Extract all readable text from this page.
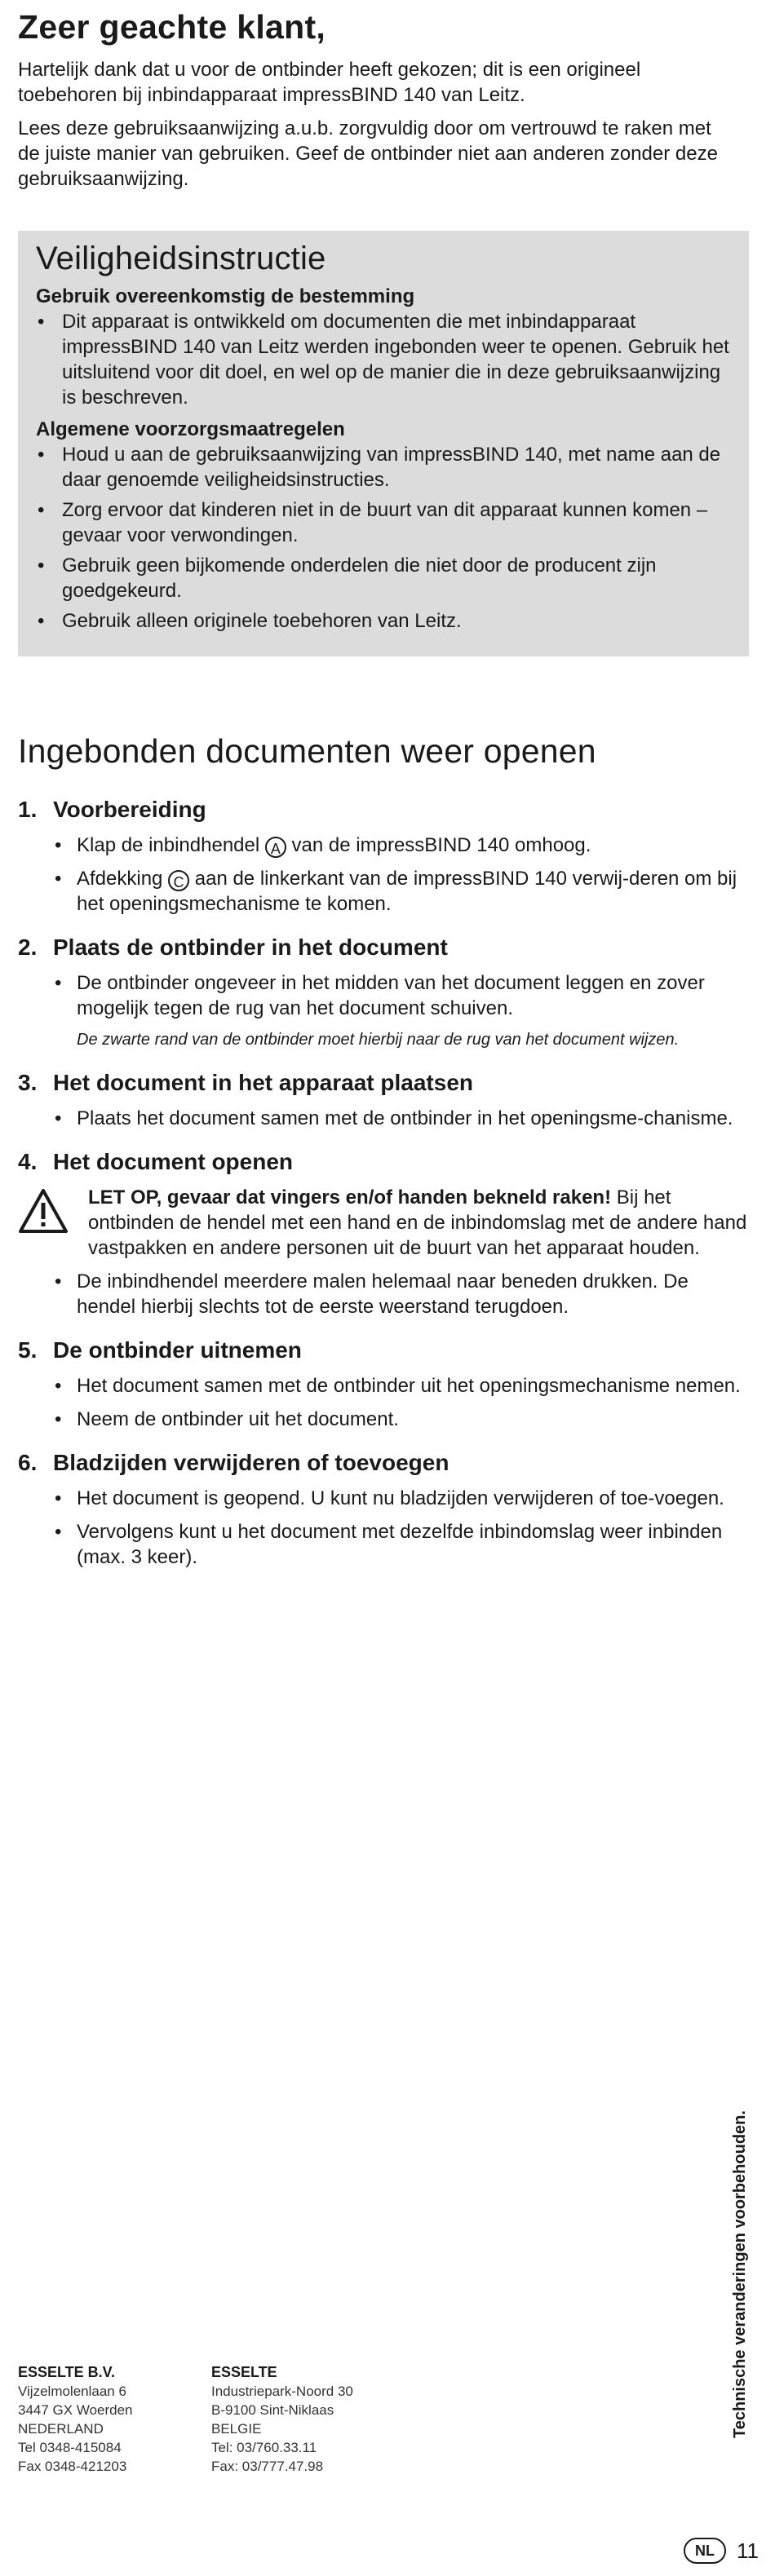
Zeer geachte klant,

Hartelijk dank dat u voor de ontbinder heeft gekozen; dit is een origineel toebehoren bij inbindapparaat impressBIND 140 van Leitz.

Lees deze gebruiksaanwijzing a.u.b. zorgvuldig door om vertrouwd te raken met de juiste manier van gebruiken. Geef de ontbinder niet aan anderen zonder deze gebruiksaanwijzing.

Veiligheidsinstructie
Gebruik overeenkomstig de bestemming
• Dit apparaat is ontwikkeld om documenten die met inbindapparaat impressBIND 140 van Leitz werden ingebonden weer te openen. Gebruik het uitsluitend voor dit doel, en wel op de manier die in deze gebruiksaanwijzing is beschreven.
Algemene voorzorgsmaatregelen
• Houd u aan de gebruiksaanwijzing van impressBIND 140, met name aan de daar genoemde veiligheidsinstructies.
• Zorg ervoor dat kinderen niet in de buurt van dit apparaat kunnen komen – gevaar voor verwondingen.
• Gebruik geen bijkomende onderdelen die niet door de producent zijn goedgekeurd.
• Gebruik alleen originele toebehoren van Leitz.
Ingebonden documenten weer openen
1. Voorbereiding
• Klap de inbindhendel A van de impressBIND 140 omhoog.
• Afdekking C aan de linkerkant van de impressBIND 140 verwij-deren om bij het openingsmechanisme te komen.
2. Plaats de ontbinder in het document
• De ontbinder ongeveer in het midden van het document leggen en zover mogelijk tegen de rug van het document schuiven.
De zwarte rand van de ontbinder moet hierbij naar de rug van het document wijzen.
3. Het document in het apparaat plaatsen
• Plaats het document samen met de ontbinder in het openingsme-chanisme.
4. Het document openen
LET OP, gevaar dat vingers en/of handen bekneld raken! Bij het ontbinden de hendel met een hand en de inbindomslag met de andere hand vastpakken en andere personen uit de buurt van het apparaat houden.
• De inbindhendel meerdere malen helemaal naar beneden drukken. De hendel hierbij slechts tot de eerste weerstand terugdoen.
5. De ontbinder uitnemen
• Het document samen met de ontbinder uit het openingsmechanisme nemen.
• Neem de ontbinder uit het document.
6. Bladzijden verwijderen of toevoegen
• Het document is geopend. U kunt nu bladzijden verwijderen of toe-voegen.
• Vervolgens kunt u het document met dezelfde inbindomslag weer inbinden (max. 3 keer).
ESSELTE B.V.
Vijzelmolenlaan 6
3447 GX Woerden
NEDERLAND
Tel 0348-415084
Fax 0348-421203
ESSELTE
Industriepark-Noord 30
B-9100 Sint-Niklaas
BELGIE
Tel: 03/760.33.11
Fax: 03/777.47.98
Technische veranderingen voorbehouden.
NL	11
